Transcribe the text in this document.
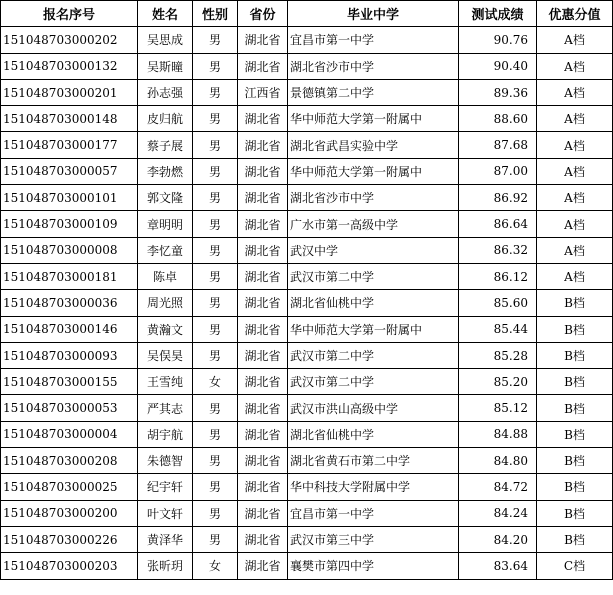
报名序号	姓名	性别	省份	毕业中学	测试成绩	优惠分值
151048703000202	吴思成	男	湖北省	宜昌市第一中学	90.76	A档
151048703000132	吴斯曈	男	湖北省	湖北省沙市中学	90.40	A档
151048703000201	孙志强	男	江西省	景德镇第二中学	89.36	A档
151048703000148	皮归航	男	湖北省	华中师范大学第一附属中	88.60	A档
151048703000177	蔡子展	男	湖北省	湖北省武昌实验中学	87.68	A档
151048703000057	李勃燃	男	湖北省	华中师范大学第一附属中	87.00	A档
151048703000101	郭文隆	男	湖北省	湖北省沙市中学	86.92	A档
151048703000109	章明明	男	湖北省	广水市第一高级中学	86.64	A档
151048703000008	李忆童	男	湖北省	武汉中学	86.32	A档
151048703000181	陈卓	男	湖北省	武汉市第二中学	86.12	A档
151048703000036	周光照	男	湖北省	湖北省仙桃中学	85.60	B档
151048703000146	黄瀚文	男	湖北省	华中师范大学第一附属中	85.44	B档
151048703000093	吴俣昊	男	湖北省	武汉市第二中学	85.28	B档
151048703000155	王雪纯	女	湖北省	武汉市第二中学	85.20	B档
151048703000053	严其志	男	湖北省	武汉市洪山高级中学	85.12	B档
151048703000004	胡宇航	男	湖北省	湖北省仙桃中学	84.88	B档
151048703000208	朱德智	男	湖北省	湖北省黄石市第二中学	84.80	B档
151048703000025	纪宇轩	男	湖北省	华中科技大学附属中学	84.72	B档
151048703000200	叶文轩	男	湖北省	宜昌市第一中学	84.24	B档
151048703000226	黄泽华	男	湖北省	武汉市第三中学	84.20	B档
151048703000203	张昕玥	女	湖北省	襄樊市第四中学	83.64	C档
